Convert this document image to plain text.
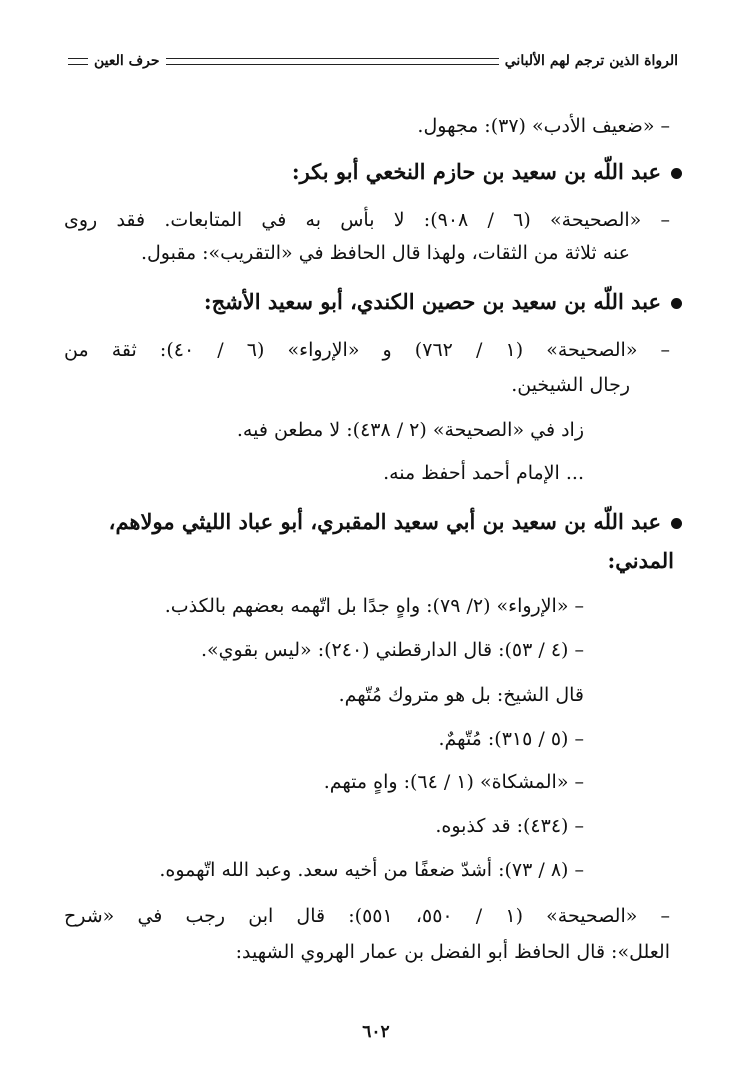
الرواة الذين ترجم لهم الألباني
حرف العين
– «ضعيف الأدب» (٣٧): مجهول.
عبد اللّه بن سعيد بن حازم النخعي أبو بكر:
– «الصحيحة» (٦ / ٩٠٨): لا بأس به في المتابعات. فقد روى
عنه ثلاثة من الثقات، ولهذا قال الحافظ في «التقريب»: مقبول.
عبد اللّه بن سعيد بن حصين الكندي، أبو سعيد الأشج:
– «الصحيحة» (١ / ٧٦٢) و «الإرواء» (٦ / ٤٠): ثقة من
رجال الشيخين.
زاد في «الصحيحة» (٢ / ٤٣٨): لا مطعن فيه.
... الإمام أحمد أحفظ منه.
عبد اللّه بن سعيد بن أبي سعيد المقبري، أبو عباد الليثي مولاهم،
المدني:
– «الإرواء» (٢/ ٧٩): واهٍ جدًا بل اتّهمه بعضهم بالكذب.
– (٤ / ٥٣): قال الدارقطني (٢٤٠): «ليس بقوي».
قال الشيخ: بل هو متروك مُتّهم.
– (٥ / ٣١٥): مُتّهمٌ.
– «المشكاة» (١ / ٦٤): واهٍ متهم.
– (٤٣٤): قد كذبوه.
– (٨ / ٧٣): أشدّ ضعفًا من أخيه سعد. وعبد الله اتّهموه.
– «الصحيحة» (١ / ٥٥٠، ٥٥١): قال ابن رجب في «شرح
العلل»: قال الحافظ أبو الفضل بن عمار الهروي الشهيد:
٦٠٢
